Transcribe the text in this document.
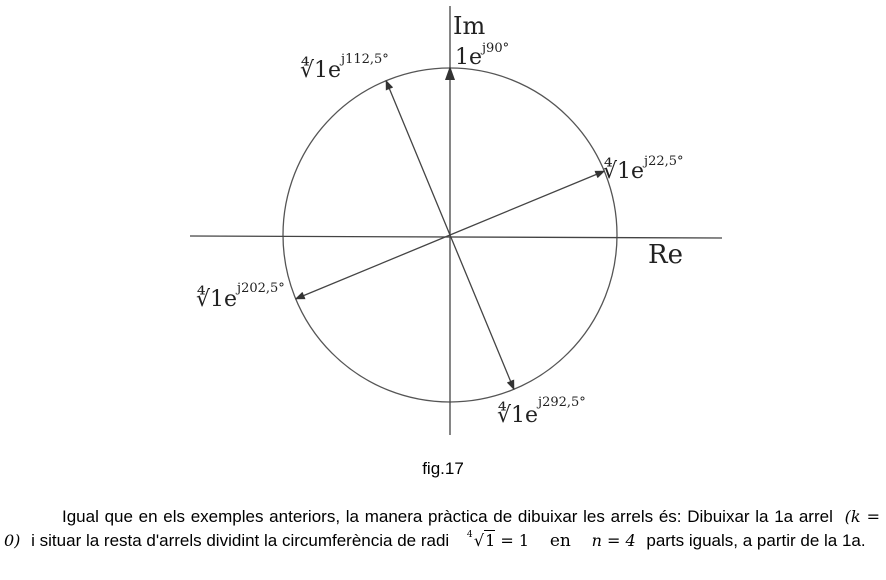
Im
Re
$1e^{j90^\circ}$
$∜1e^{j22,5^\circ}$
$∜1e^{j112,5^\circ}$
$∜1e^{j202,5^\circ}$
$∜1e^{j292,5^\circ}$
fig.17
Igual que en els exemples anteriors, la manera pràctica de dibuixar les arrels és: Dibuixar la 1a arrel (k = 0) i situar la resta d'arrels dividint la circumferència de radi 4 √1 = 1 en n = 4 parts iguals, a partir de la 1a.
